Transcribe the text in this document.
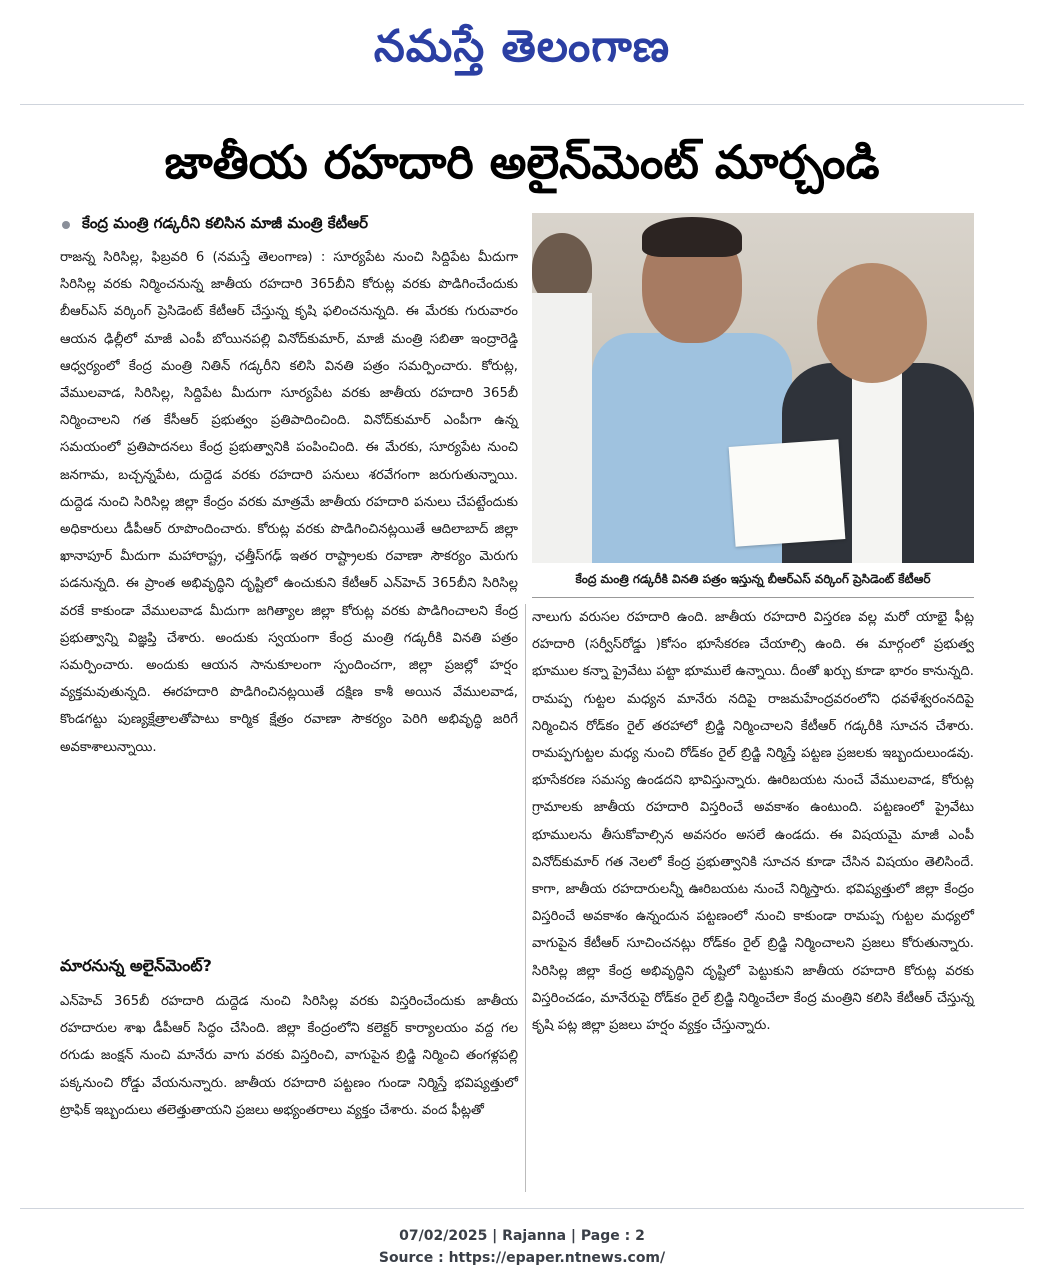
నమస్తే తెలంగాణ
జాతీయ రహదారి అలైన్‌మెంట్ మార్చండి
కేంద్ర మంత్రి గడ్కరీని కలిసిన మాజీ మంత్రి కేటీఆర్

రాజన్న సిరిసిల్ల, ఫిబ్రవరి 6 (నమస్తే తెలంగాణ) : సూర్యపేట నుంచి సిద్దిపేట మీదుగా సిరిసిల్ల వరకు నిర్మించనున్న జాతీయ రహదారి 365బీని కోరుట్ల వరకు పొడిగించేందుకు బీఆర్‌ఎస్ వర్కింగ్ ప్రెసిడెంట్ కేటీఆర్ చేస్తున్న కృషి ఫలించనున్నది. ఈ మేరకు గురువారం ఆయన ఢిల్లీలో మాజీ ఎంపీ బోయినపల్లి వినోద్‌కుమార్, మాజీ మంత్రి సబితా ఇంద్రారెడ్డి ఆధ్వర్యంలో కేంద్ర మంత్రి నితిన్ గడ్కరీని కలిసి వినతి పత్రం సమర్పించారు. కోరుట్ల, వేములవాడ, సిరిసిల్ల, సిద్దిపేట మీదుగా సూర్యపేట వరకు జాతీయ రహదారి 365బీ నిర్మించాలని గత కేసీఆర్ ప్రభుత్వం ప్రతిపాదించింది. వినోద్‌కుమార్ ఎంపీగా ఉన్న సమయంలో ప్రతిపాదనలు కేంద్ర ప్రభుత్వానికి పంపించింది. ఈ మేరకు, సూర్యపేట నుంచి జనగామ, బచ్చన్నపేట, దుద్దెడ వరకు రహదారి పనులు శరవేగంగా జరుగుతున్నాయి. దుద్దెడ నుంచి సిరిసిల్ల జిల్లా కేంద్రం వరకు మాత్రమే జాతీయ రహదారి పనులు చేపట్టేందుకు అధికారులు డీపీఆర్ రూపొందించారు. కోరుట్ల వరకు పొడిగించినట్లయితే ఆదిలాబాద్ జిల్లా ఖానాపూర్ మీదుగా మహారాష్ట్ర, ఛత్తీస్‌గఢ్ ఇతర రాష్ట్రాలకు రవాణా సౌకర్యం మెరుగు పడనున్నది. ఈ ప్రాంత అభివృద్ధిని దృష్టిలో ఉంచుకుని కేటీఆర్ ఎన్‌హెచ్ 365బీని సిరిసిల్ల వరకే కాకుండా వేములవాడ మీదుగా జగిత్యాల జిల్లా కోరుట్ల వరకు పొడిగించాలని కేంద్ర ప్రభుత్వాన్ని విజ్ఞప్తి చేశారు. అందుకు స్వయంగా కేంద్ర మంత్రి గడ్కరీకి వినతి పత్రం సమర్పించారు. అందుకు ఆయన సానుకూలంగా స్పందించగా, జిల్లా ప్రజల్లో హర్షం వ్యక్తమవుతున్నది. ఈరహదారి పొడిగించినట్లయితే దక్షిణ కాశీ అయిన వేములవాడ, కొండగట్టు పుణ్యక్షేత్రాలతోపాటు కార్మిక క్షేత్రం రవాణా సౌకర్యం పెరిగి అభివృద్ధి జరిగే అవకాశాలున్నాయి.

మారనున్న అలైన్‌మెంట్?

ఎన్‌హెచ్ 365బీ రహదారి దుద్దెడ నుంచి సిరిసిల్ల వరకు విస్తరించేందుకు జాతీయ రహదారుల శాఖ డీపీఆర్ సిద్ధం చేసింది. జిల్లా కేంద్రంలోని కలెక్టర్ కార్యాలయం వద్ద గల రగుడు జంక్షన్ నుంచి మానేరు వాగు వరకు విస్తరించి, వాగుపైన బ్రిడ్జి నిర్మించి తంగళ్లపల్లి పక్కనుంచి రోడ్డు వేయనున్నారు. జాతీయ రహదారి పట్టణం గుండా నిర్మిస్తే భవిష్యత్తులో ట్రాఫిక్ ఇబ్బందులు తలెత్తుతాయని ప్రజలు అభ్యంతరాలు వ్యక్తం చేశారు. వంద ఫీట్లతో

కేంద్ర మంత్రి గడ్కరీకి వినతి పత్రం ఇస్తున్న బీఆర్‌ఎస్ వర్కింగ్ ప్రెసిడెంట్ కేటీఆర్

నాలుగు వరుసల రహదారి ఉంది. జాతీయ రహదారి విస్తరణ వల్ల మరో యాభై ఫీట్ల రహదారి (సర్వీస్‌రోడ్డు )కోసం భూసేకరణ చేయాల్సి ఉంది. ఈ మార్గంలో ప్రభుత్వ భూముల కన్నా ప్రైవేటు పట్టా భూములే ఉన్నాయి. దీంతో ఖర్చు కూడా భారం కానున్నది. రామప్ప గుట్టల మధ్యన మానేరు నదిపై రాజమహేంద్రవరంలోని ధవళేశ్వరంనదిపై నిర్మించిన రోడ్‌కం రైల్ తరహాలో బ్రిడ్జి నిర్మించాలని కేటీఆర్ గడ్కరీకి సూచన చేశారు. రామప్పగుట్టల మధ్య నుంచి రోడ్‌కం రైల్ బ్రిడ్జి నిర్మిస్తే పట్టణ ప్రజలకు ఇబ్బందులుండవు. భూసేకరణ సమస్య ఉండదని భావిస్తున్నారు. ఊరిబయట నుంచే వేములవాడ, కోరుట్ల గ్రామాలకు జాతీయ రహదారి విస్తరించే అవకాశం ఉంటుంది. పట్టణంలో ప్రైవేటు భూములను తీసుకోవాల్సిన అవసరం అసలే ఉండదు. ఈ విషయమై మాజీ ఎంపీ వినోద్‌కుమార్ గత నెలలో కేంద్ర ప్రభుత్వానికి సూచన కూడా చేసిన విషయం తెలిసిందే. కాగా, జాతీయ రహదారులన్నీ ఊరిబయట నుంచే నిర్మిస్తారు. భవిష్యత్తులో జిల్లా కేంద్రం విస్తరించే అవకాశం ఉన్నందున పట్టణంలో నుంచి కాకుండా రామప్ప గుట్టల మధ్యలో వాగుపైన కేటీఆర్ సూచించనట్లు రోడ్‌కం రైల్ బ్రిడ్జి నిర్మించాలని ప్రజలు కోరుతున్నారు. సిరిసిల్ల జిల్లా కేంద్ర అభివృద్ధిని దృష్టిలో పెట్టుకుని జాతీయ రహదారి కోరుట్ల వరకు విస్తరించడం, మానేరుపై రోడ్‌కం రైల్ బ్రిడ్జి నిర్మించేలా కేంద్ర మంత్రిని కలిసి కేటీఆర్ చేస్తున్న కృషి పట్ల జిల్లా ప్రజలు హర్షం వ్యక్తం చేస్తున్నారు.

07/02/2025 | Rajanna | Page : 2
Source : https://epaper.ntnews.com/
